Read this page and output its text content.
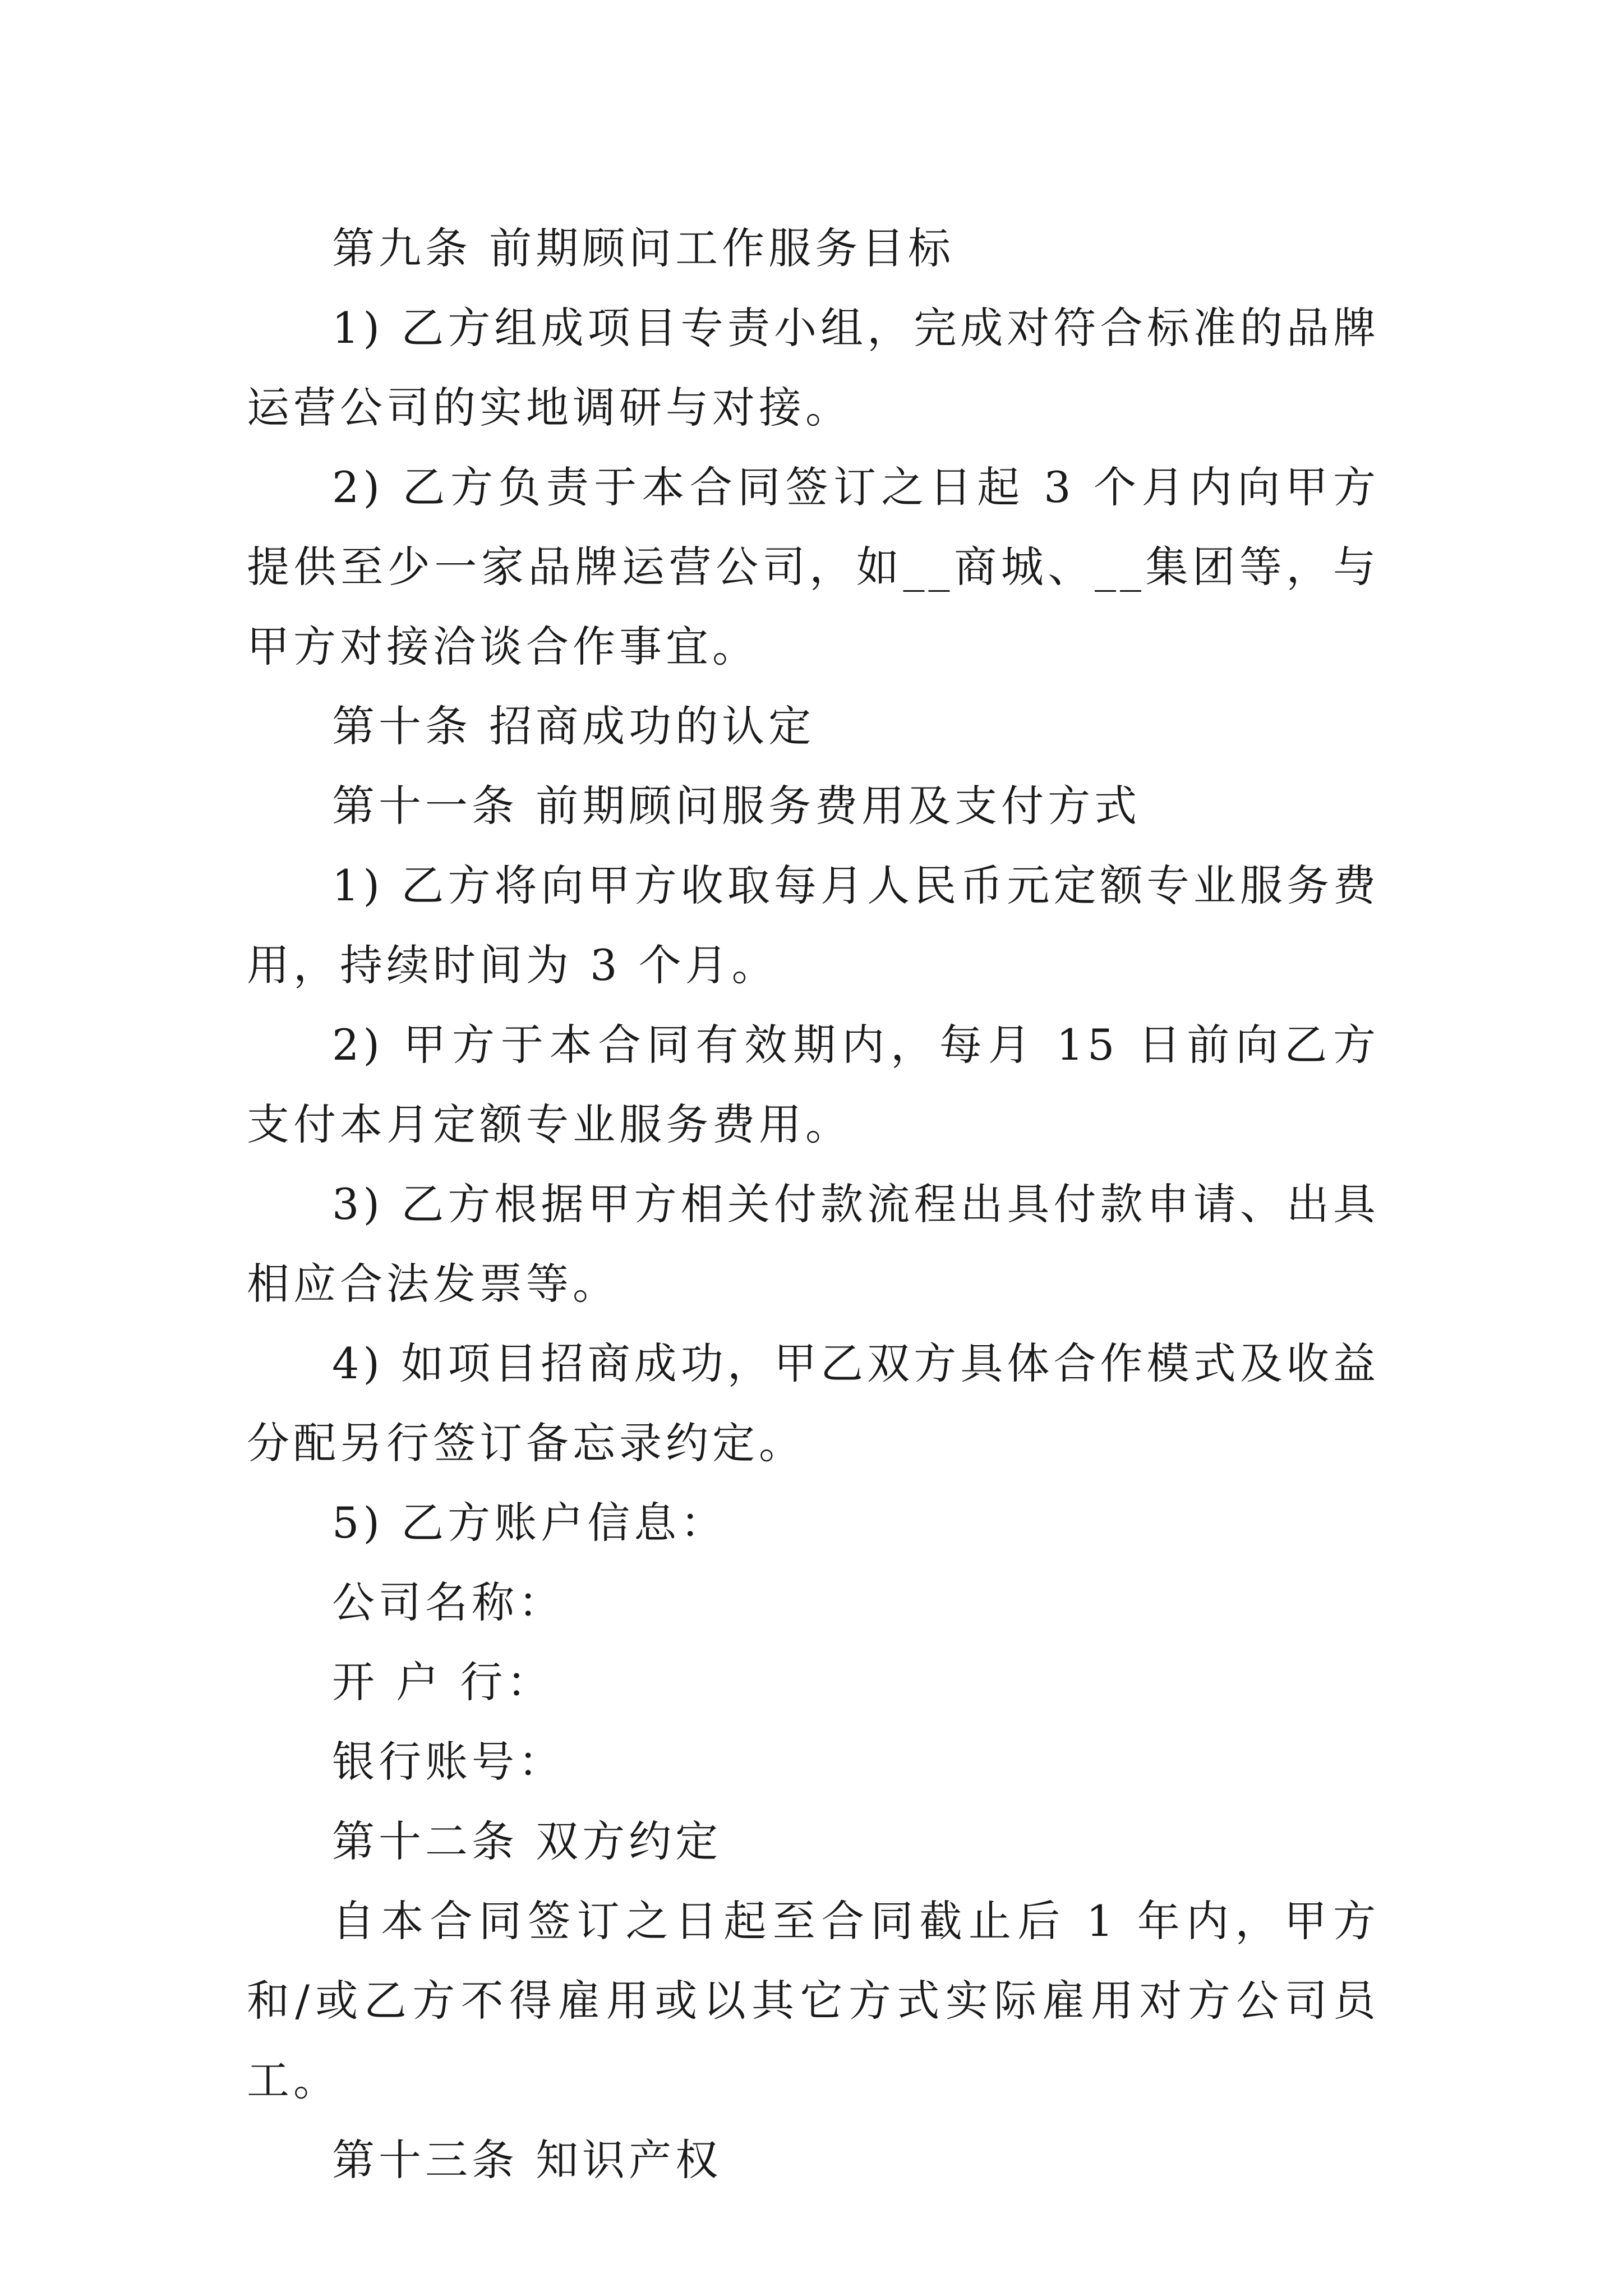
第九条 前期顾问工作服务目标

1) 乙方组成项目专责小组，完成对符合标准的品牌运营公司的实地调研与对接。

2) 乙方负责于本合同签订之日起 3 个月内向甲方提供至少一家品牌运营公司，如__商城、__集团等，与甲方对接洽谈合作事宜。

第十条 招商成功的认定

第十一条 前期顾问服务费用及支付方式

1) 乙方将向甲方收取每月人民币元定额专业服务费用，持续时间为 3 个月。

2) 甲方于本合同有效期内，每月 15 日前向乙方支付本月定额专业服务费用。

3) 乙方根据甲方相关付款流程出具付款申请、出具相应合法发票等。

4) 如项目招商成功，甲乙双方具体合作模式及收益分配另行签订备忘录约定。

5) 乙方账户信息：

公司名称：

开 户 行：

银行账号：

第十二条 双方约定

自本合同签订之日起至合同截止后 1 年内，甲方和/或乙方不得雇用或以其它方式实际雇用对方公司员工。

第十三条 知识产权
